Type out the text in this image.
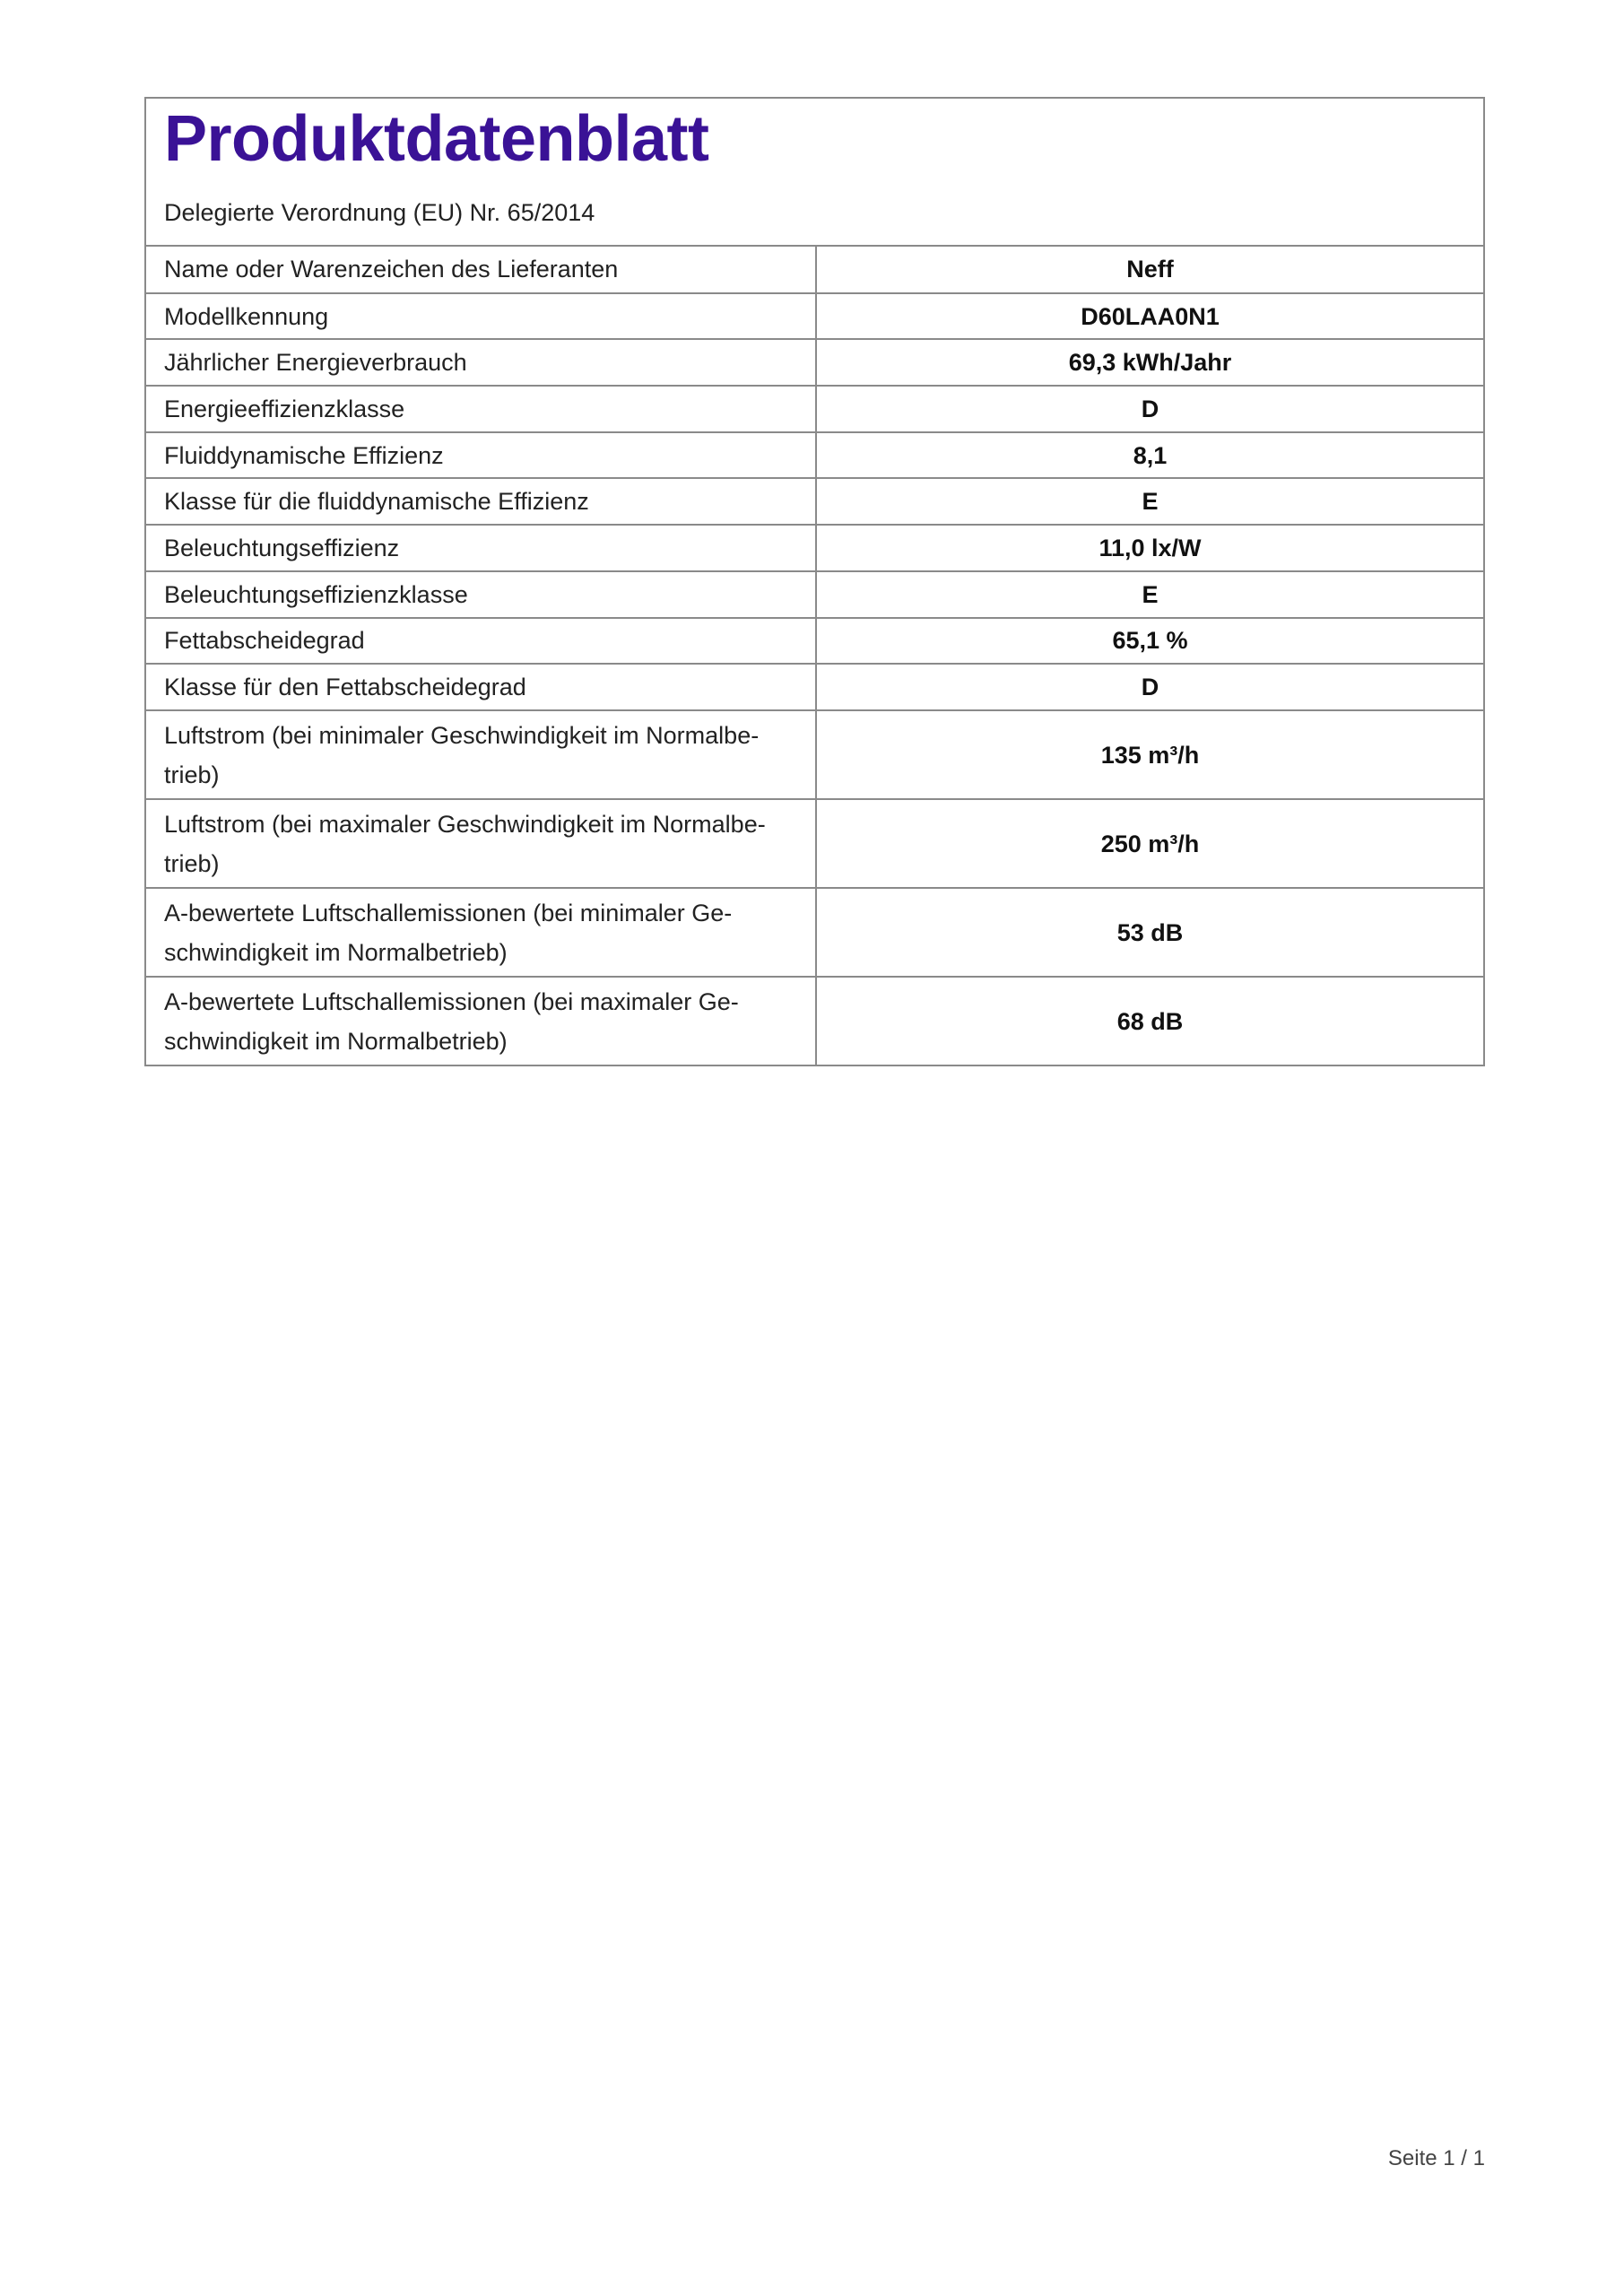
Produktdatenblatt
Delegierte Verordnung (EU) Nr. 65/2014
Name oder Warenzeichen des Lieferanten	Neff
Modellkennung	D60LAA0N1
Jährlicher Energieverbrauch	69,3 kWh/Jahr
Energieeffizienzklasse	D
Fluiddynamische Effizienz	8,1
Klasse für die fluiddynamische Effizienz	E
Beleuchtungseffizienz	11,0 lx/W
Beleuchtungseffizienzklasse	E
Fettabscheidegrad	65,1 %
Klasse für den Fettabscheidegrad	D
Luftstrom (bei minimaler Geschwindigkeit im Normalbe-trieb)	135 m³/h
Luftstrom (bei maximaler Geschwindigkeit im Normalbe-trieb)	250 m³/h
A-bewertete Luftschallemissionen (bei minimaler Ge-schwindigkeit im Normalbetrieb)	53 dB
A-bewertete Luftschallemissionen (bei maximaler Ge-schwindigkeit im Normalbetrieb)	68 dB
Seite 1 / 1
